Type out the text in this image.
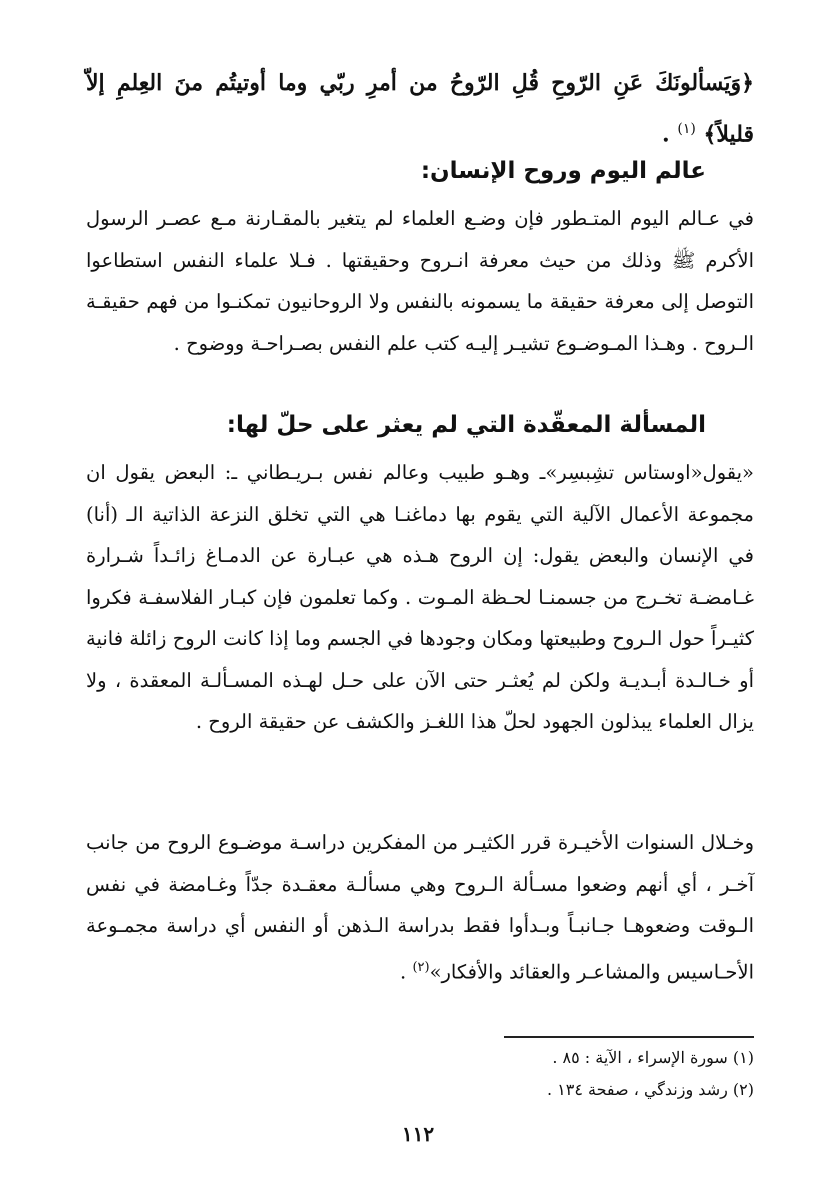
﴿وَيَسألونَكَ عَنِ الرّوحِ قُلِ الرّوحُ من أمرِ ربّي وما أوتيتُم منَ العِلمِ إلاّ قليلاً﴾ $^{(١)}$ .
عالم اليوم وروح الإنسان:
في عـالم اليوم المتـطور فإن وضـع العلماء لم يتغير بالمقـارنة مـع عصـر الرسول الأكرم ﷺ وذلك من حيث معرفة انـروح وحقيقتها . فـلا علماء النفس استطاعوا التوصل إلى معرفة حقيقة ما يسمونه بالنفس ولا الروحانيون تمكنـوا من فهم حقيقـة الـروح . وهـذا المـوضـوع تشيـر إليـه كتب علم النفس بصـراحـة ووضوح .
المسألة المعقّدة التي لم يعثر على حلّ لها:
«يقول«اوستاس تشِبسِر»ـ وهـو طبيب وعالم نفس بـريـطاني ـ: البعض يقول ان مجموعة الأعمال الآلية التي يقوم بها دماغنـا هي التي تخلق النزعة الذاتية الـ (أنا) في الإنسان والبعض يقول: إن الروح هـذه هي عبـارة عن الدمـاغ زائـداً شـرارة غـامضـة تخـرج من جسمنـا لحـظة المـوت . وكما تعلمون فإن كبـار الفلاسفـة فكروا كثيـراً حول الـروح وطبيعتها ومكان وجودها في الجسم وما إذا كانت الروح زائلة فانية أو خـالـدة أبـديـة ولكن لم يُعثـر حتى الآن على حـل لهـذه المسـألـة المعقدة ، ولا يزال العلماء يبذلون الجهود لحلّ هذا اللغـز والكشف عن حقيقة الروح .
وخـلال السنوات الأخيـرة قرر الكثيـر من المفكرين دراسـة موضـوع الروح من جانب آخـر ، أي أنهم وضعوا مسـألة الـروح وهي مسألـة معقـدة جدّاً وغـامضة في نفس الـوقت وضعوهـا جـانبـاً وبـدأوا فقط بدراسة الـذهن أو النفس أي دراسة مجمـوعة الأحـاسيس والمشاعـر والعقائد والأفكار»$^{(٢)}$ .
(١) سورة الإسراء ، الآية : ٨٥ .
(٢) رشد وزندگي ، صفحة ١٣٤ .
١١٢
